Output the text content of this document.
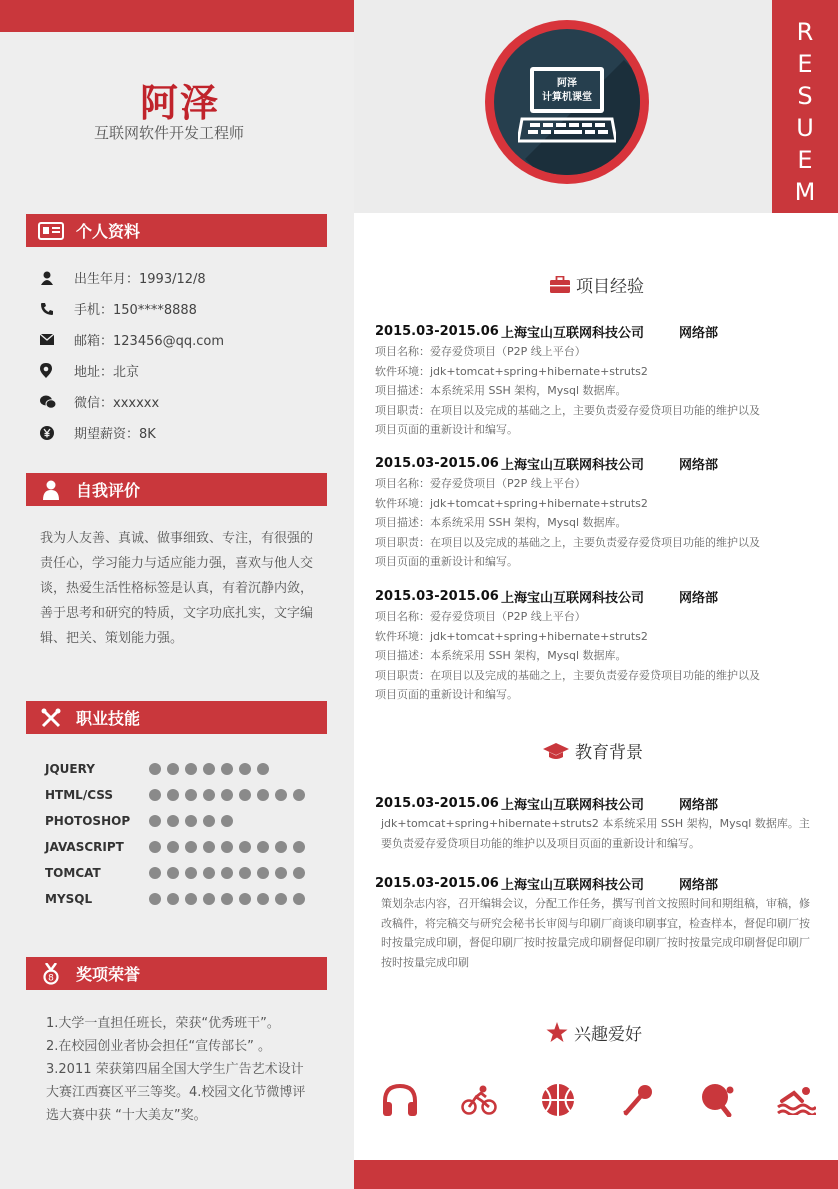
R
E
S
U
E
M
阿泽
互联网软件开发工程师
阿泽
计算机课堂
个人资料
出生年月：1993/12/8
手机：150****8888
邮箱：123456@qq.com
地址：北京
微信：xxxxxx
期望薪资：8K
自我评价
我为人友善、真诚、做事细致、专注，有很强的责任心，学习能力与适应能力强，喜欢与他人交谈，热爱生活性格标签是认真，有着沉静内敛，善于思考和研究的特质，文字功底扎实，文字编辑、把关、策划能力强。
职业技能
JQUERY
HTML/CSS
PHOTOSHOP
JAVASCRIPT
TOMCAT
MYSQL
8 奖项荣誉
1.大学一直担任班长，荣获“优秀班干”。
2.在校园创业者协会担任“宣传部长” 。
3.2011 荣获第四届全国大学生广告艺术设计大赛江西赛区平三等奖。4.校园文化节微博评选大赛中获 “十大美友”奖。
项目经验
2015.03-2015.06 上海宝山互联网科技公司	网络部
项目名称：爱存爱贷项目（P2P 线上平台）
软件环境：jdk+tomcat+spring+hibernate+struts2
项目描述：本系统采用 SSH 架构，Mysql 数据库。
项目职责：在项目以及完成的基础之上，主要负责爱存爱贷项目功能的维护以及
项目页面的重新设计和编写。
2015.03-2015.06 上海宝山互联网科技公司	网络部
项目名称：爱存爱贷项目（P2P 线上平台）
软件环境：jdk+tomcat+spring+hibernate+struts2
项目描述：本系统采用 SSH 架构，Mysql 数据库。
项目职责：在项目以及完成的基础之上，主要负责爱存爱贷项目功能的维护以及
项目页面的重新设计和编写。
2015.03-2015.06 上海宝山互联网科技公司	网络部
项目名称：爱存爱贷项目（P2P 线上平台）
软件环境：jdk+tomcat+spring+hibernate+struts2
项目描述：本系统采用 SSH 架构，Mysql 数据库。
项目职责：在项目以及完成的基础之上，主要负责爱存爱贷项目功能的维护以及
项目页面的重新设计和编写。
教育背景
2015.03-2015.06 上海宝山互联网科技公司	网络部
jdk+tomcat+spring+hibernate+struts2 本系统采用 SSH 架构，Mysql 数据库。主要负责爱存爱贷项目功能的维护以及项目页面的重新设计和编写。
2015.03-2015.06 上海宝山互联网科技公司	网络部
策划杂志内容，召开编辑会议，分配工作任务，撰写刊首文按照时间和期组稿，审稿，修改稿件，将完稿交与研究会秘书长审阅与印刷厂商谈印刷事宜，检查样本，督促印刷厂按时按量完成印刷，督促印刷厂按时按量完成印刷督促印刷厂按时按量完成印刷督促印刷厂按时按量完成印刷
兴趣爱好
